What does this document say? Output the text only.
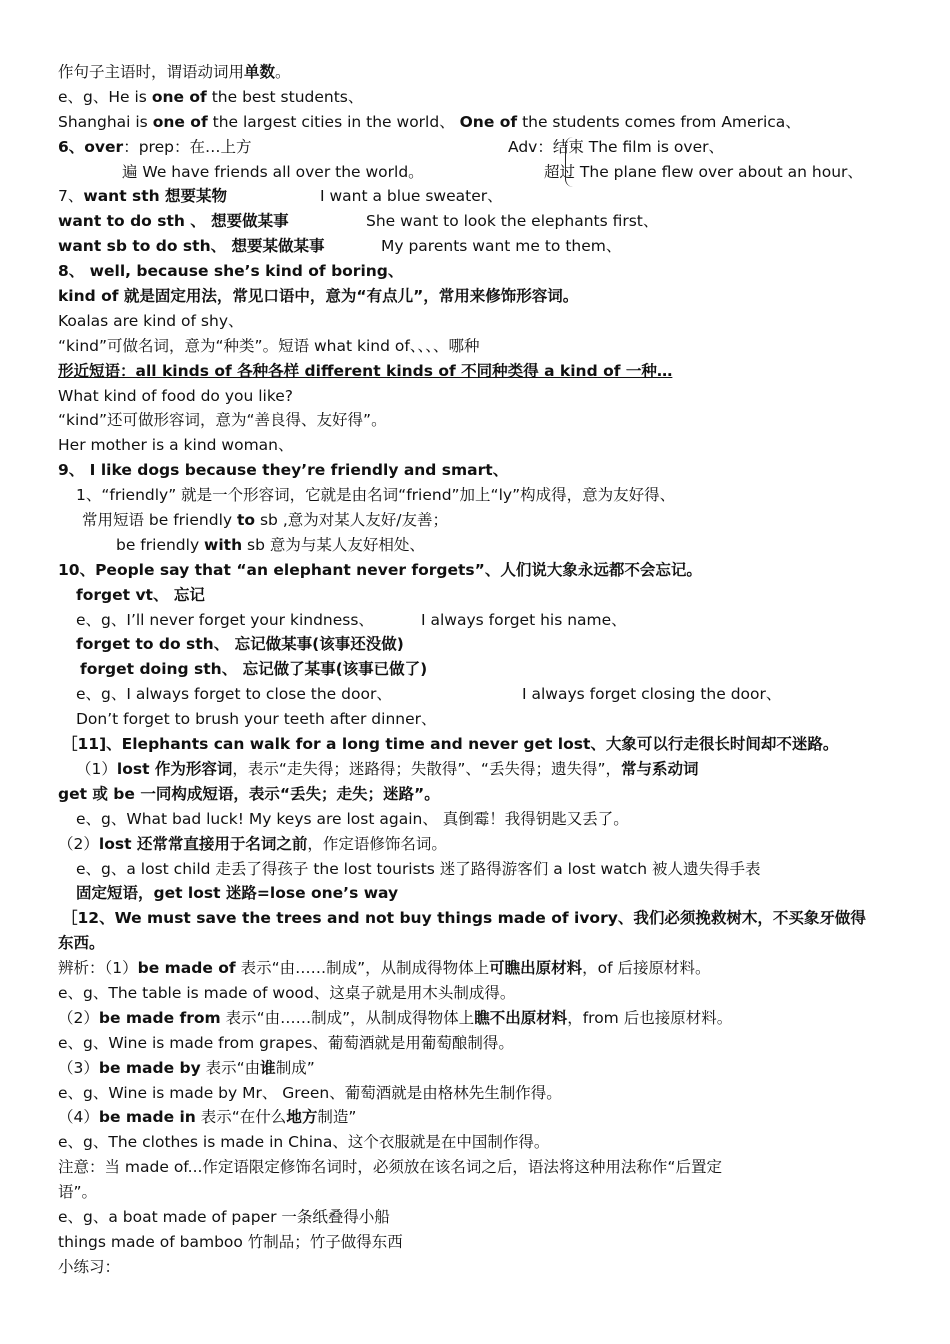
作句子主语时，谓语动词用单数。
e、g、He is one of the best students、
Shanghai is one of the largest cities in the world、 One of the students comes from America、
6、over：prep：在…上方	Adv：结束 The film is over、
遍 We have friends all over the world。	超过 The plane flew over about an hour、
7、want sth 想要某物	I want a blue sweater、
want to do sth 、 想要做某事	She want to look the elephants first、
want sb to do sth、 想要某做某事	My parents want me to them、
8、 well, because she’s kind of boring、
kind of 就是固定用法，常见口语中，意为“有点儿”，常用来修饰形容词。
Koalas are kind of shy、
“kind”可做名词，意为“种类”。短语 what kind of、、、、哪种
形近短语：all kinds of 各种各样 different kinds of 不同种类得 a kind of 一种…
What kind of food do you like?
“kind”还可做形容词，意为“善良得、友好得”。
Her mother is a kind woman、
9、 I like dogs because they’re friendly and smart、
1、“friendly” 就是一个形容词，它就是由名词“friend”加上“ly”构成得，意为友好得、
常用短语 be friendly to sb ,意为对某人友好/友善；
be friendly with sb 意为与某人友好相处、
10、People say that “an elephant never forgets”、人们说大象永远都不会忘记。
forget vt、 忘记
e、g、I’ll never forget your kindness、	I always forget his name、
forget to do sth、 忘记做某事(该事还没做)
forget doing sth、 忘记做了某事(该事已做了)
e、g、I always forget to close the door、	I always forget closing the door、
Don’t forget to brush your teeth after dinner、
［11]、Elephants can walk for a long time and never get lost、大象可以行走很长时间却不迷路。
（1）lost 作为形容词，表示“走失得；迷路得；失散得”、“丢失得；遗失得”，常与系动词
get 或 be 一同构成短语，表示“丢失；走失；迷路”。
e、g、What bad luck! My keys are lost again、 真倒霉！我得钥匙又丢了。
（2）lost 还常常直接用于名词之前，作定语修饰名词。
e、g、a lost child 走丢了得孩子 the lost tourists 迷了路得游客们 a lost watch 被人遗失得手表
固定短语，get lost 迷路=lose one’s way
［12、We must save the trees and not buy things made of ivory、我们必须挽救树木，不买象牙做得
东西。
辨析：（1）be made of 表示“由……制成”，从制成得物体上可瞧出原材料，of 后接原材料。
e、g、The table is made of wood、这桌子就是用木头制成得。
（2）be made from 表示“由……制成”，从制成得物体上瞧不出原材料，from 后也接原材料。
e、g、Wine is made from grapes、葡萄酒就是用葡萄酿制得。
（3）be made by 表示“由谁制成”
e、g、Wine is made by Mr、 Green、葡萄酒就是由格林先生制作得。
（4）be made in 表示“在什么地方制造”
e、g、The clothes is made in China、这个衣服就是在中国制作得。
注意：当 made of...作定语限定修饰名词时，必须放在该名词之后，语法将这种用法称作“后置定
语”。
e、g、a boat made of paper 一条纸叠得小船
things made of bamboo 竹制品；竹子做得东西
小练习：
